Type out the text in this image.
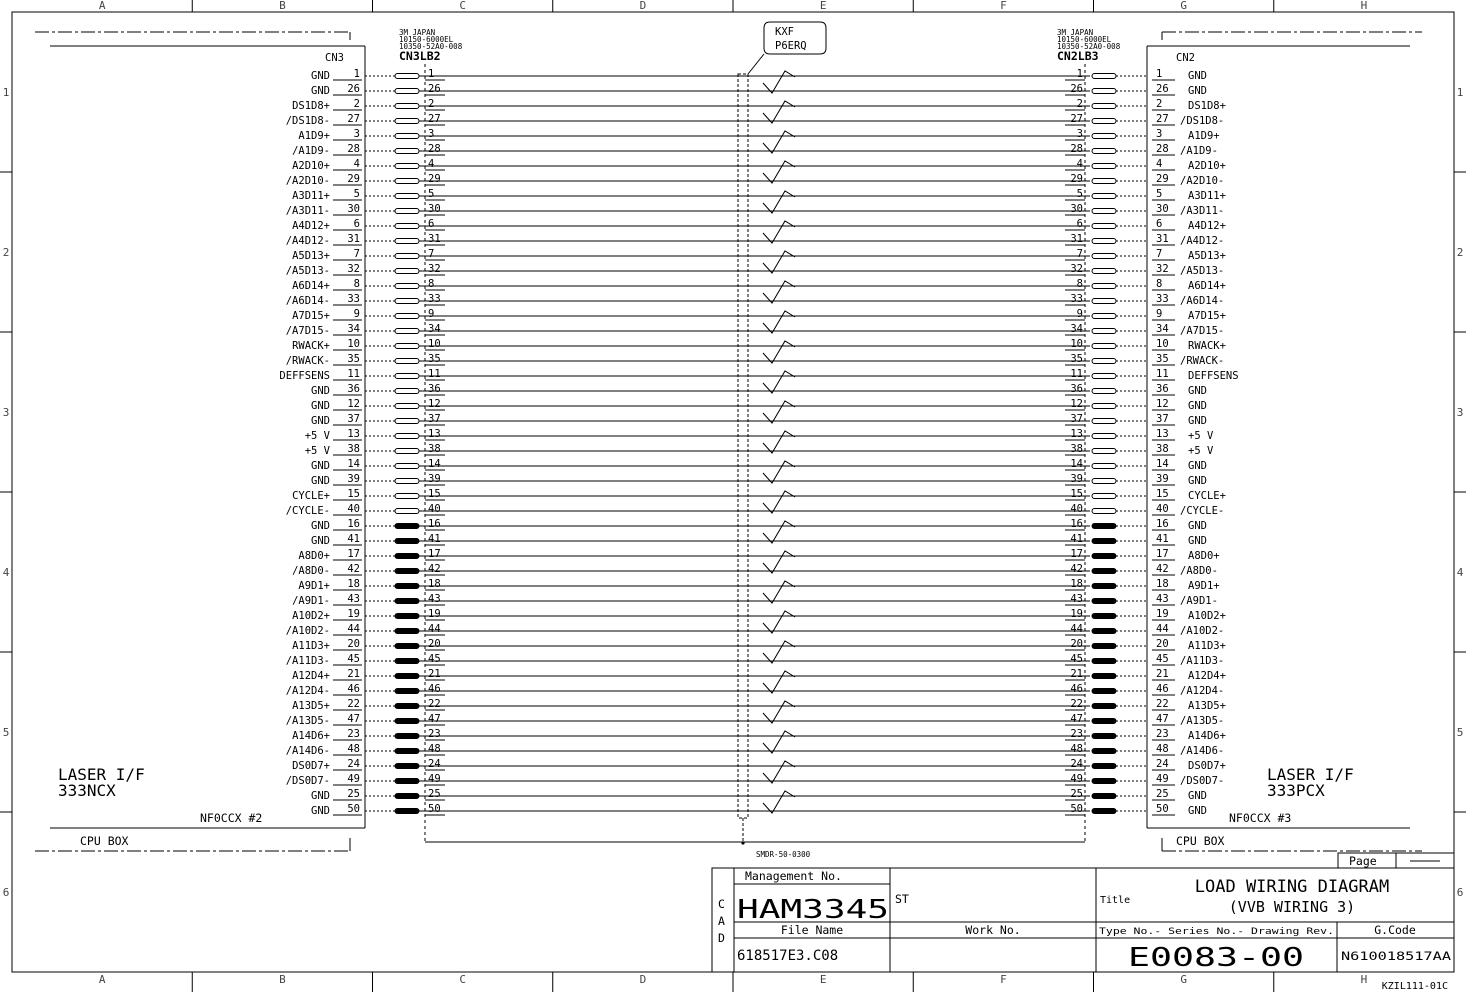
A
A
B
B
C
C
D
D
E
E
F
F
G
G
H
H
1	1
2	2
3	3
4	4
5	5
6	6
CN3
LASER I/F
333NCX
NF0CCX #2
CPU BOX
3M JAPAN
10150-6000EL
10350-52A0-008
CN3LB2	CN2
LASER I/F
333PCX
NF0CCX #3
CPU BOX
3M JAPAN
10150-6000EL
10350-52A0-008
CN2LB3
KXF
P6ERQ
SMDR-50-0300
GND 1	1	1	1 GND
GND 26	26	26	26 GND
DS1D8+ 2	2	2	2 DS1D8+
/DS1D8- 27	27	27	27 /DS1D8-
A1D9+ 3	3	3	3 A1D9+
/A1D9- 28	28	28	28 /A1D9-
A2D10+ 4	4	4	4 A2D10+
/A2D10- 29	29	29	29 /A2D10-
A3D11+ 5	5	5	5 A3D11+
/A3D11- 30	30	30	30 /A3D11-
A4D12+ 6	6	6	6 A4D12+
/A4D12- 31	31	31	31 /A4D12-
A5D13+ 7	7	7	7 A5D13+
/A5D13- 32	32	32	32 /A5D13-
A6D14+ 8	8	8	8 A6D14+
/A6D14- 33	33	33	33 /A6D14-
A7D15+ 9	9	9	9 A7D15+
/A7D15- 34	34	34	34 /A7D15-
RWACK+ 10	10	10	10 RWACK+
/RWACK- 35	35	35	35 /RWACK-
DEFFSENS 11	11	11	11 DEFFSENS
GND 36	36	36	36 GND
GND 12	12	12	12 GND
GND 37	37	37	37 GND
+5 V 13	13	13	13 +5 V
+5 V 38	38	38	38 +5 V
GND 14	14	14	14 GND
GND 39	39	39	39 GND
CYCLE+ 15	15	15	15 CYCLE+
/CYCLE- 40	40	40	40 /CYCLE-
GND 16	16	16	16 GND
GND 41	41	41	41 GND
A8D0+ 17	17	17	17 A8D0+
/A8D0- 42	42	42	42 /A8D0-
A9D1+ 18	18	18	18 A9D1+
/A9D1- 43	43	43	43 /A9D1-
A10D2+ 19	19	19	19 A10D2+
/A10D2- 44	44	44	44 /A10D2-
A11D3+ 20	20	20	20 A11D3+
/A11D3- 45	45	45	45 /A11D3-
A12D4+ 21	21	21	21 A12D4+
/A12D4- 46	46	46	46 /A12D4-
A13D5+ 22	22	22	22 A13D5+
/A13D5- 47	47	47	47 /A13D5-
A14D6+ 23	23	23	23 A14D6+
/A14D6- 48	48	48	48 /A14D6-
DS0D7+ 24	24	24	24 DS0D7+
/DS0D7- 49	49	49	49 /DS0D7-
GND 25	25	25	25 GND
GND 50	50	50	50 GND
Page
C
A
D
Management No.
HAM3345 ST	Title
LOAD WIRING DIAGRAM
(VVB WIRING 3)
File Name
618517E3.C08
Work No.	Type No.- Series No.- Drawing Rev.
E0083-00
G.Code
N610018517AA
KZIL111-01C
